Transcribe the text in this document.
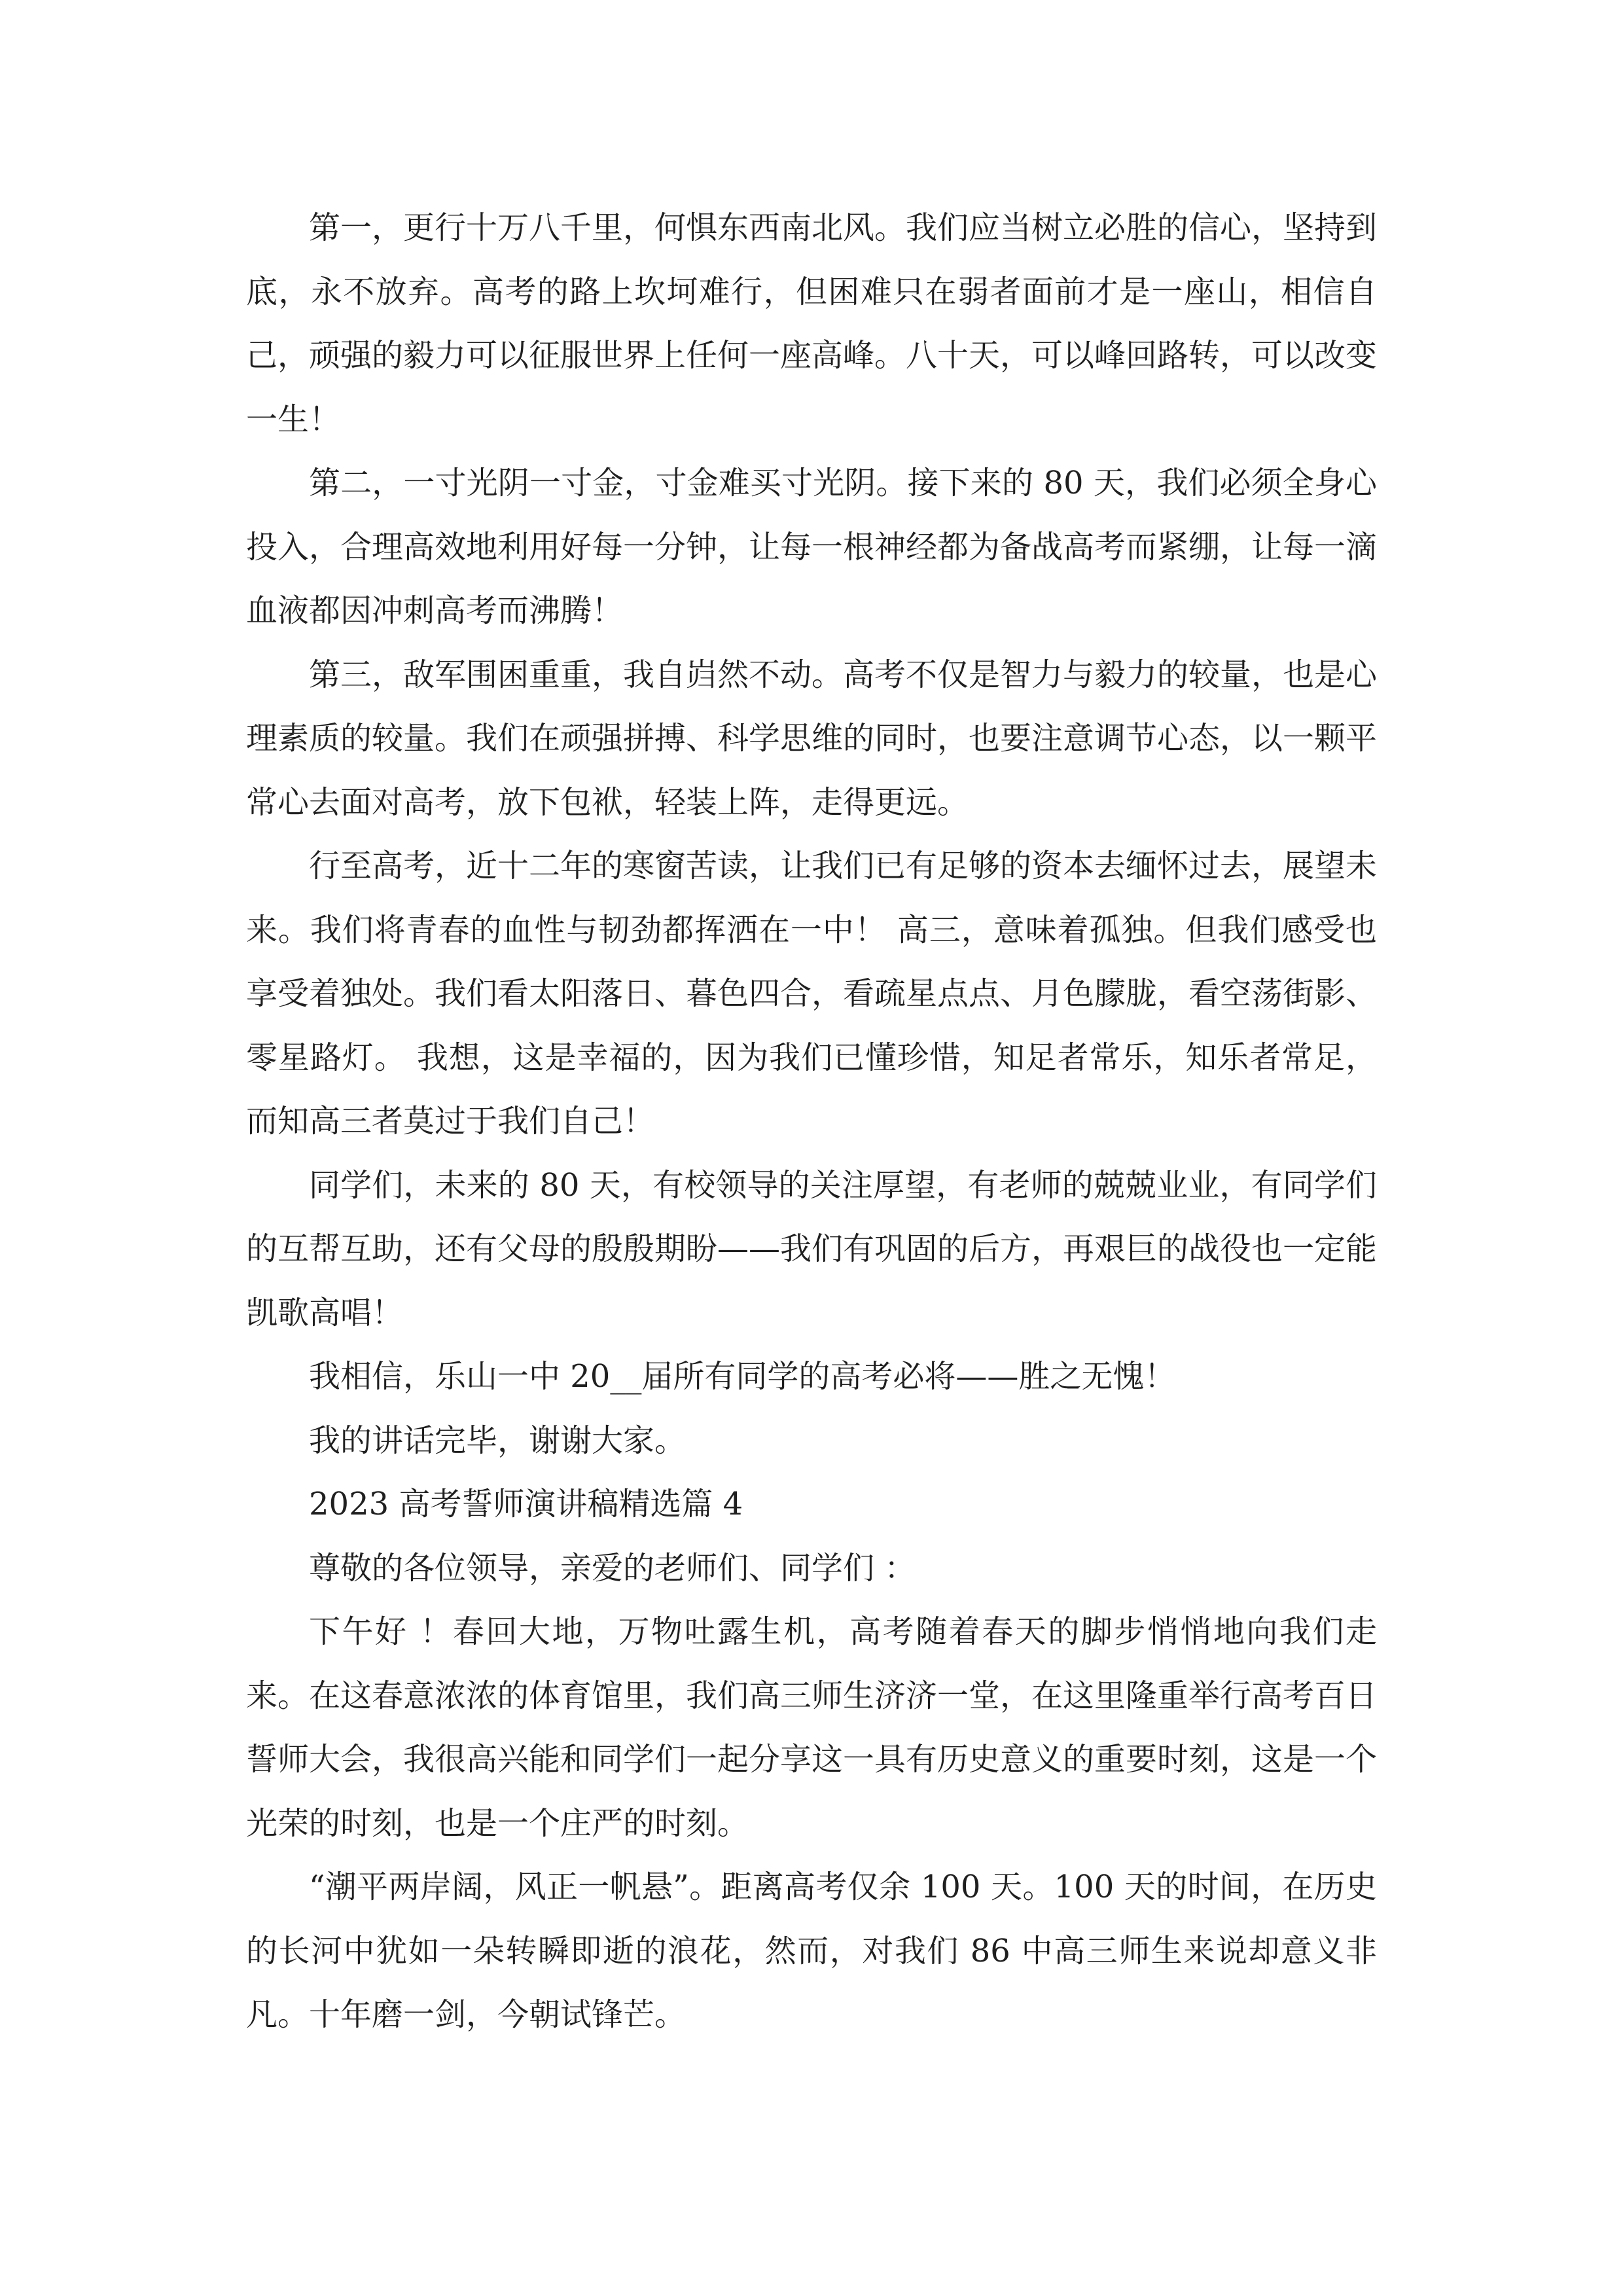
第一，更行十万八千里，何惧东西南北风。我们应当树立必胜的信心，坚持到底，永不放弃。高考的路上坎坷难行，但困难只在弱者面前才是一座山，相信自己，顽强的毅力可以征服世界上任何一座高峰。八十天，可以峰回路转，可以改变一生！

第二，一寸光阴一寸金，寸金难买寸光阴。接下来的 80 天，我们必须全身心投入，合理高效地利用好每一分钟，让每一根神经都为备战高考而紧绷，让每一滴血液都因冲刺高考而沸腾！

第三，敌军围困重重，我自岿然不动。高考不仅是智力与毅力的较量，也是心理素质的较量。我们在顽强拼搏、科学思维的同时，也要注意调节心态，以一颗平常心去面对高考，放下包袱，轻装上阵，走得更远。

行至高考，近十二年的寒窗苦读，让我们已有足够的资本去缅怀过去，展望未来。我们将青春的血性与韧劲都挥洒在一中！ 高三，意味着孤独。但我们感受也享受着独处。我们看太阳落日、暮色四合，看疏星点点、月色朦胧，看空荡街影、零星路灯。 我想，这是幸福的，因为我们已懂珍惜，知足者常乐，知乐者常足，而知高三者莫过于我们自己！

同学们，未来的 80 天，有校领导的关注厚望，有老师的兢兢业业，有同学们的互帮互助，还有父母的殷殷期盼——我们有巩固的后方，再艰巨的战役也一定能凯歌高唱！

我相信，乐山一中 20__届所有同学的高考必将——胜之无愧！

我的讲话完毕，谢谢大家。

2023 高考誓师演讲稿精选篇 4

尊敬的各位领导，亲爱的老师们、同学们 ：

下午好 ！春回大地，万物吐露生机，高考随着春天的脚步悄悄地向我们走来。在这春意浓浓的体育馆里，我们高三师生济济一堂，在这里隆重举行高考百日誓师大会，我很高兴能和同学们一起分享这一具有历史意义的重要时刻，这是一个光荣的时刻，也是一个庄严的时刻。

“潮平两岸阔，风正一帆悬”。距离高考仅余 100 天。100 天的时间，在历史的长河中犹如一朵转瞬即逝的浪花，然而，对我们 86 中高三师生来说却意义非凡。十年磨一剑，今朝试锋芒。
